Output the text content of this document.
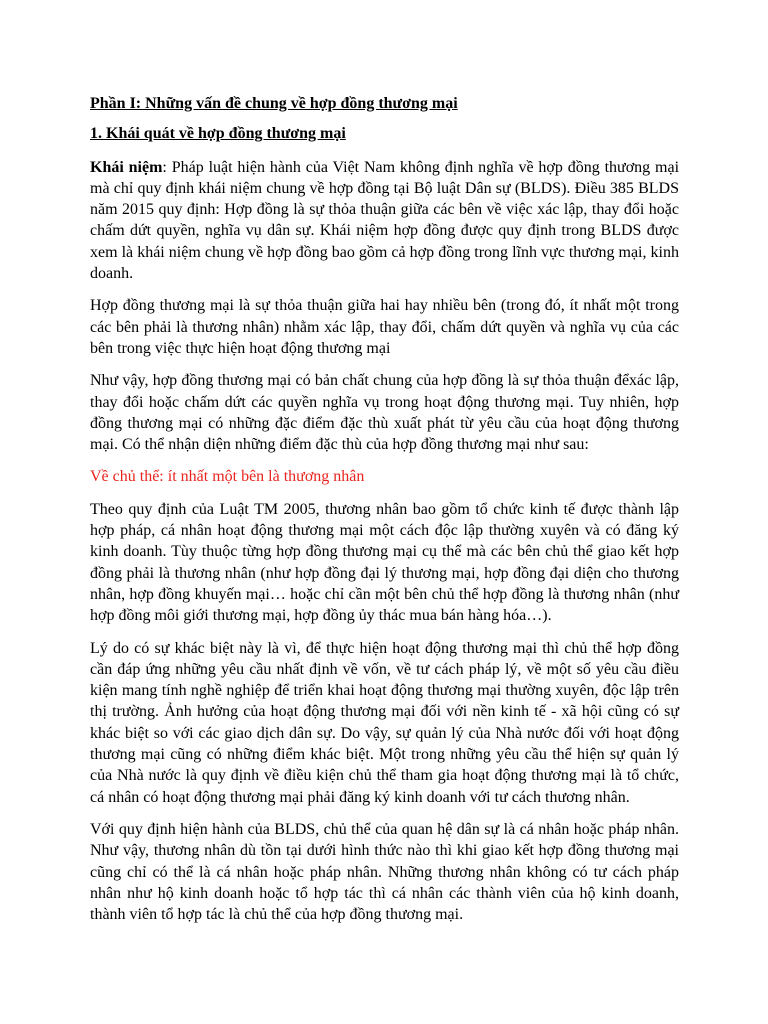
Phần I: Những vấn đề chung về hợp đồng thương mại
1. Khái quát về hợp đồng thương mại

Khái niệm: Pháp luật hiện hành của Việt Nam không định nghĩa về hợp đồng thương mại mà chỉ quy định khái niệm chung về hợp đồng tại Bộ luật Dân sự (BLDS). Điều 385 BLDS năm 2015 quy định: Hợp đồng là sự thỏa thuận giữa các bên về việc xác lập, thay đổi hoặc chấm dứt quyền, nghĩa vụ dân sự. Khái niệm hợp đồng được quy định trong BLDS được xem là khái niệm chung về hợp đồng bao gồm cả hợp đồng trong lĩnh vực thương mại, kinh doanh.

Hợp đồng thương mại là sự thỏa thuận giữa hai hay nhiều bên (trong đó, ít nhất một trong các bên phải là thương nhân) nhằm xác lập, thay đổi, chấm dứt quyền và nghĩa vụ của các bên trong việc thực hiện hoạt động thương mại

Như vậy, hợp đồng thương mại có bản chất chung của hợp đồng là sự thỏa thuận đểxác lập, thay đổi hoặc chấm dứt các quyền nghĩa vụ trong hoạt động thương mại. Tuy nhiên, hợp đồng thương mại có những đặc điểm đặc thù xuất phát từ yêu cầu của hoạt động thương mại. Có thể nhận diện những điểm đặc thù của hợp đồng thương mại như sau:

Về chủ thể: ít nhất một bên là thương nhân

Theo quy định của Luật TM 2005, thương nhân bao gồm tổ chức kinh tế được thành lập hợp pháp, cá nhân hoạt động thương mại một cách độc lập thường xuyên và có đăng ký kinh doanh. Tùy thuộc từng hợp đồng thương mại cụ thể mà các bên chủ thể giao kết hợp đồng phải là thương nhân (như hợp đồng đại lý thương mại, hợp đồng đại diện cho thương nhân, hợp đồng khuyến mại… hoặc chỉ cần một bên chủ thể hợp đồng là thương nhân (như hợp đồng môi giới thương mại, hợp đồng ủy thác mua bán hàng hóa…).

Lý do có sự khác biệt này là vì, để thực hiện hoạt động thương mại thì chủ thể hợp đồng cần đáp ứng những yêu cầu nhất định về vốn, về tư cách pháp lý, về một số yêu cầu điều kiện mang tính nghề nghiệp để triển khai hoạt động thương mại thường xuyên, độc lập trên thị trường. Ảnh hưởng của hoạt động thương mại đối với nền kinh tế - xã hội cũng có sự khác biệt so với các giao dịch dân sự. Do vậy, sự quản lý của Nhà nước đối với hoạt động thương mại cũng có những điểm khác biệt. Một trong những yêu cầu thể hiện sự quản lý của Nhà nước là quy định về điều kiện chủ thể tham gia hoạt động thương mại là tổ chức, cá nhân có hoạt động thương mại phải đăng ký kinh doanh với tư cách thương nhân.

Với quy định hiện hành của BLDS, chủ thể của quan hệ dân sự là cá nhân hoặc pháp nhân. Như vậy, thương nhân dù tồn tại dưới hình thức nào thì khi giao kết hợp đồng thương mại cũng chỉ có thể là cá nhân hoặc pháp nhân. Những thương nhân không có tư cách pháp nhân như hộ kinh doanh hoặc tổ hợp tác thì cá nhân các thành viên của hộ kinh doanh, thành viên tổ hợp tác là chủ thể của hợp đồng thương mại.
